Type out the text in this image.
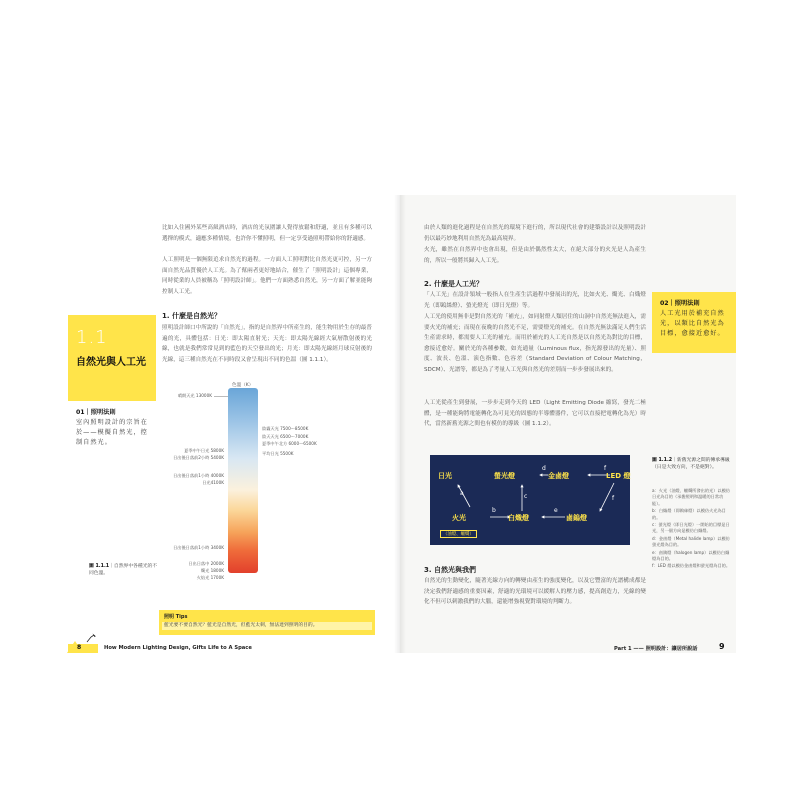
比如入住國外某些高級酒店時，酒店的光氛圍讓人覺得放鬆和舒適，並且有多種可以選擇的模式，適應多種情境，也許你不懂照明，但一定享受過照明帶給你的舒適感。
人工照明是一個無限追求自然光的過程。一方面人工照明對比自然光更可控，另一方面自然光品質優於人工光。為了幫兩者更好地結合，催生了「照明設計」這個專業，同時從業的人員被稱為「照明設計師」。他們一方面熟悉自然光，另一方面了解並能夠控制人工光。
1.1
自然光與人工光
01｜照明法則
室內照明設計的宗旨在於——模擬自然光，控制自然光。
1. 什麼是自然光？
照明設計師口中所說的「自然光」，指的是自然界中所產生的，能生物用於生存的最普遍的光，具體包括：日光：即太陽直射光；天光：即太陽光線經大氣層散射後的光線，也就是我們常常見到的藍色的天空發出的光；月光：即太陽光線經月球反射後的光線，這三種自然光在不同時段又會呈現出不同的色溫（圖 1.1.1）。
色溫（K）
晴朗天光 13000K
夏季中午日光 5800K
日出後日落前2小時 5400K
日出後日落前1小時 4000K
日光4100K
日出後日落前1小時 3400K
日出日落中 2000K
燭光 1800K
火焰光 1700K
陰霾天光 7500～8500K
陰天天光 6500～7000K
夏季中午北方 6000～6500K
平均日光 5500K
圖 1.1.1｜自然界中各種光的不同色溫。
照明 Tips
藍光要不要自然光？藍光是自然光，但藍光太刺，無法達到照明的目的。
8	How Modern Lighting Design, Gifts Life to A Space
由於人類的進化過程是在自然光的環境下進行的，所以現代社會的建築設計以及照明設計仍以最巧妙地利用自然光為最高境界。
火光，雖然在自然界中也會出現，但是由於偶然性太大，在絕大部分的火光是人為產生的，所以一般將其歸入人工光。
2. 什麼是人工光？
「人工光」在設計領域一般指人在生產生活過程中發展出的光，比如火光、燭光、白熾燈光（即鎢絲燈）、螢光燈光（即日光燈）等。
人工光的使用無非是對自然光的「補充」，如同射燈人類居住的山洞中自然光無法進入，需要火光的補充；而現在夜晚的自然光不足，需要燈光的補充。在自然光無法滿足人們生活生產需求時，都需要人工光的補充。而用於補充的人工光自然是以自然光為對比的目標，愈接近愈好。關於光的各種參數，如光通量（Luminous flux，指光源發出的光量）、照度、波長、色溫、演色指數、色容差（Standard Deviation of Colour Matching，SDCM）、光譜等，都是為了考量人工光與自然光的差別而一步步發展出來的。
人工光從產生到發展，一步步走到今天的 LED（Light Emitting Diode 縮寫，發光二極體，是一種能夠將電能轉化為可見光的固態的半導體器件，它可以直接把電轉化為光）時代，當然新舊光源之間也有模仿的導級（圖 1.1.2）。
02｜照明法則
人工光用於補充自然光，以類比自然光為目標，愈接近愈好。
日光	螢光燈	金鹵燈	LED 燈
火光	白熾燈	鹵鎢燈
a
b
c
d
e
f
f
（油燈、蠟燭）
圖 1.1.2｜新舊光源之間的傳承導級（日是大致方向，不是絕對）。
a：火光（油燈、蠟燭所發出的光）以模仿日光為目的（承擔照明和溫暖的日常功能）。
b：白熾燈（即鎢絲燈）以模仿火光為目的。
c：螢光燈（即日光燈）一開始的目標是日光，另一個方向是模仿白熾燈。
d：金鹵燈（Metal halide lamp）以模仿螢光燈為目的。
e：鹵鎢燈（halogen lamp）以模仿白熾燈為目的。
f：LED 燈以模仿金鹵燈和螢光燈為目的。
3. 自然光與我們
自然光的生動變化，隨著光線方向的轉變由產生的強度變化，以及它豐富的光譜構成都是決定我們舒適感的重要因素，舒適的光環境可以緩解人的壓力感，提高創造力，光線的變化不但可以刺激我們的大腦，還能增強視覺對環境的判斷力。
Part 1 —— 照明設計：讓居所說話	9
